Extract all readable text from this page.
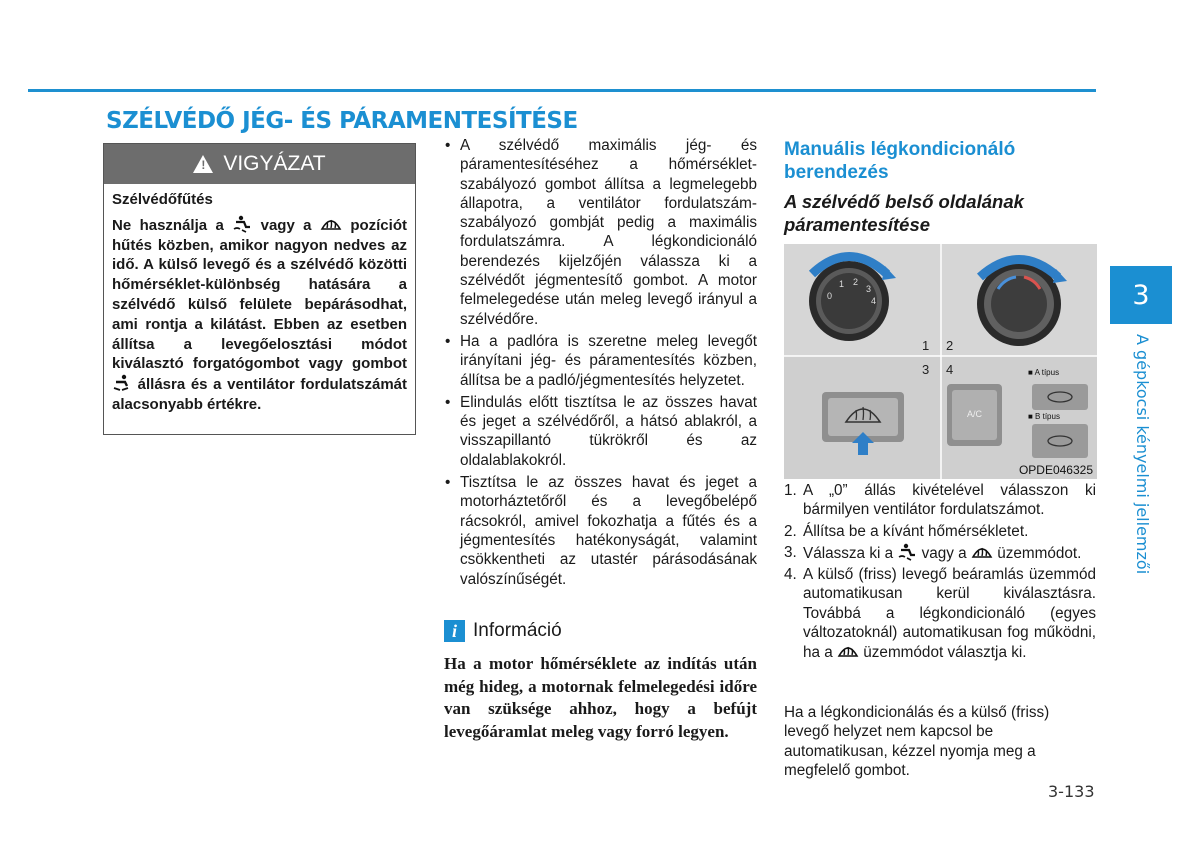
SZÉLVÉDŐ JÉG- ÉS PÁRAMENTESÍTÉSE
! VIGYÁZAT
Szélvédőfűtés
Ne használja a vagy a	pozíciót hűtés közben, amikor nagyon nedves az idő. A külső levegő és a szélvédő közötti hőmérséklet-különbség hatására a szélvédő külső felülete bepárásodhat, ami rontja a kilátást. Ebben az esetben állítsa a levegőelosztási módot kiválasztó forgatógombot vagy gombot  állásra és a ventilátor fordulatszámát alacsonyabb értékre.
• A szélvédő maximális jég- és páramentesítéséhez a hőmérséklet-szabályozó gombot állítsa a legmelegebb állapotra, a ventilátor fordulatszám-szabályozó gombját pedig a maximális fordulatszámra. A légkondicionáló berendezés kijelzőjén válassza ki a szélvédőt jégmentesítő gombot. A motor felmelegedése után meleg levegő irányul a szélvédőre.
• Ha a padlóra is szeretne meleg levegőt irányítani jég- és páramentesítés közben, állítsa be a padló/jégmentesítés helyzetet.
• Elindulás előtt tisztítsa le az összes havat és jeget a szélvédőről, a hátsó ablakról, a visszapillantó tükrökről és az oldalablakokról.
• Tisztítsa le az összes havat és jeget a motorháztetőről és a levegőbelépő rácsokról, amivel fokozhatja a fűtés és a jégmentesítés hatékonyságát, valamint csökkentheti az utastér párásodásának valószínűségét.
i Információ
Ha a motor hőmérséklete az indítás után még hideg, a motornak felmelegedési időre van szüksége ahhoz, hogy a befújt levegőáramlat meleg vagy forró legyen.
Manuális légkondicionáló berendezés
A szélvédő belső oldalának páramentesítése
0
1 2
3
4
1 2
3 4	■ A típus
■ B típus
A/C
OPDE046325
1. A „0” állás kivételével válasszon ki bármilyen ventilátor fordulatszámot.
2. Állítsa be a kívánt hőmérsékletet.
3. Válassza ki a vagy a üzemmódot.
4. A külső (friss) levegő beáramlás üzemmód automatikusan kerül kiválasztásra. Továbbá a légkondicionáló (egyes változatoknál) automatikusan fog működni, ha a üzemmódot választja ki.
Ha a légkondicionálás és a külső (friss) levegő helyzet nem kapcsol be automatikusan, kézzel nyomja meg a megfelelő gombot.
3-133
3
A gépkocsi kényelmi jellemzői
